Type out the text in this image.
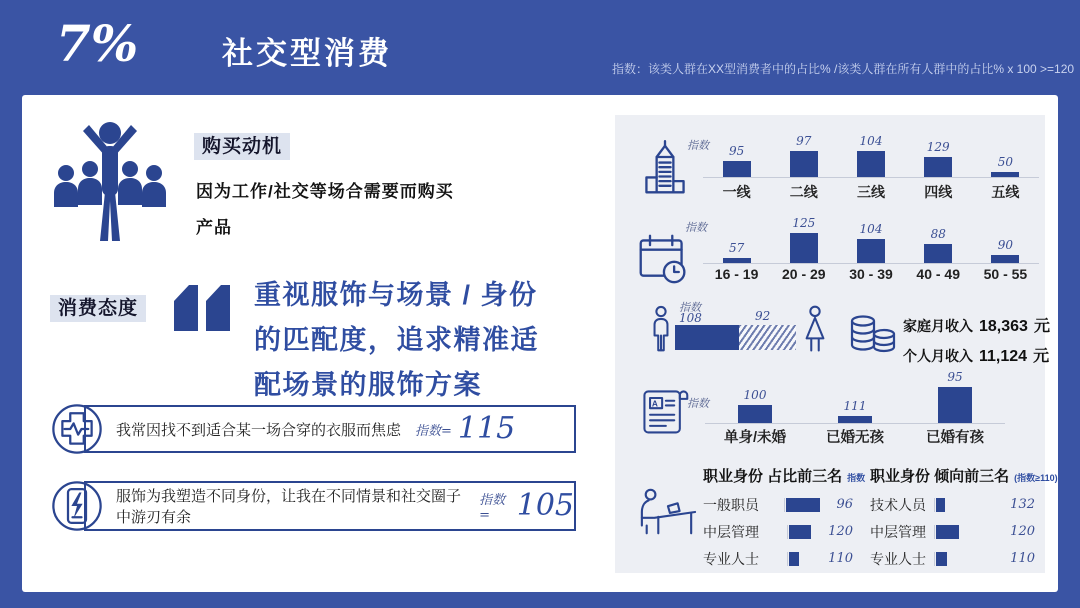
7%	社交型消费	指数：该类人群在XX型消费者中的占比% /该类人群在所有人群中的占比% x 100 >=120
购买动机
因为工作/社交等场合需要而购买
产品
消费态度	重视服饰与场景 / 身份
的匹配度，追求精准适
配场景的服饰方案
我常因找不到适合某一场合穿的衣服而焦虑 指数= 115
服饰为我塑造不同身份，让我在不同情景和社交圈子中游刃有余
指数= 105
指数 95
97	104	129
50
一线	二线	三线	四线	五线
指数
57
125	104	88
90
16 - 19	20 - 29	30 - 39	40 - 49	50 - 55
指数
108	92
家庭月收入 18,363 元
个人月收入 11,124 元
A	指数
100
111
95
单身/未婚	已婚无孩	已婚有孩
职业身份 占比前三名 指数
一般职员	96
中层管理	120
专业人士	110
职业身份 倾向前三名 (指数≥110)
技术人员	132
中层管理	120
专业人士	110
